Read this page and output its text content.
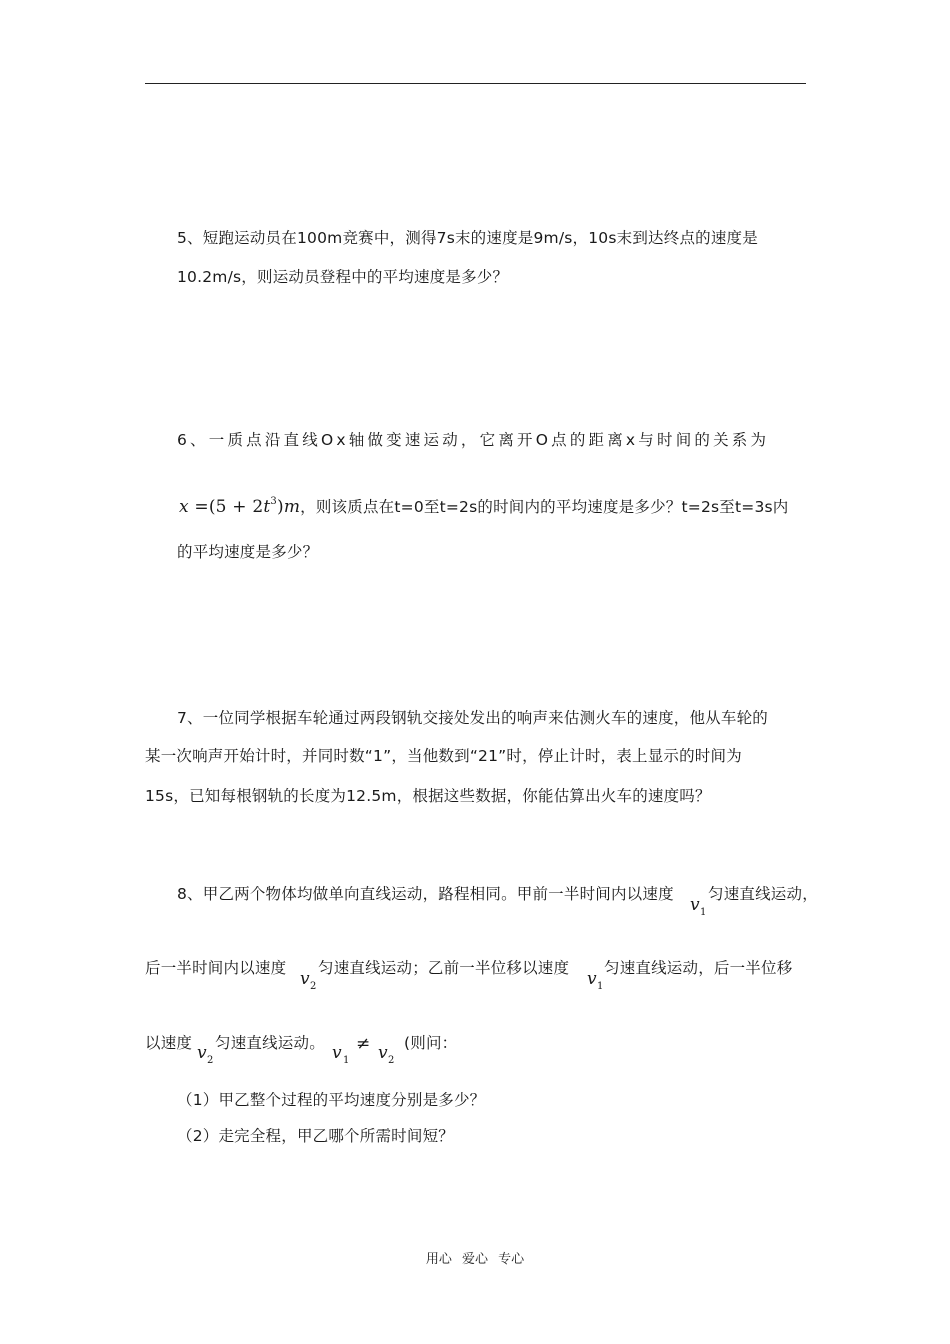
5、短跑运动员在100m竞赛中，测得7s末的速度是9m/s，10s末到达终点的速度是
10.2m/s，则运动员登程中的平均速度是多少？
6、一质点沿直线Ox轴做变速运动，它离开O点的距离x与时间的关系为
$x =(5 + 2t^3)m$，则该质点在t=0至t=2s的时间内的平均速度是多少？t=2s至t=3s内
的平均速度是多少？
7、一位同学根据车轮通过两段钢轨交接处发出的响声来估测火车的速度，他从车轮的
某一次响声开始计时，并同时数“1”，当他数到“21”时，停止计时，表上显示的时间为
15s，已知每根钢轨的长度为12.5m，根据这些数据，你能估算出火车的速度吗？
8、甲乙两个物体均做单向直线运动，路程相同。甲前一半时间内以速度
v 1
匀速直线运动，
后一半时间内以速度
v 2
匀速直线运动；乙前一半位移以速度
v 1
匀速直线运动，后一半位移
以速度 v 2
匀速直线运动。 v 1
≠ v 2
(则问：
（1）甲乙整个过程的平均速度分别是多少？
（2）走完全程，甲乙哪个所需时间短？
用心 爱心 专心
